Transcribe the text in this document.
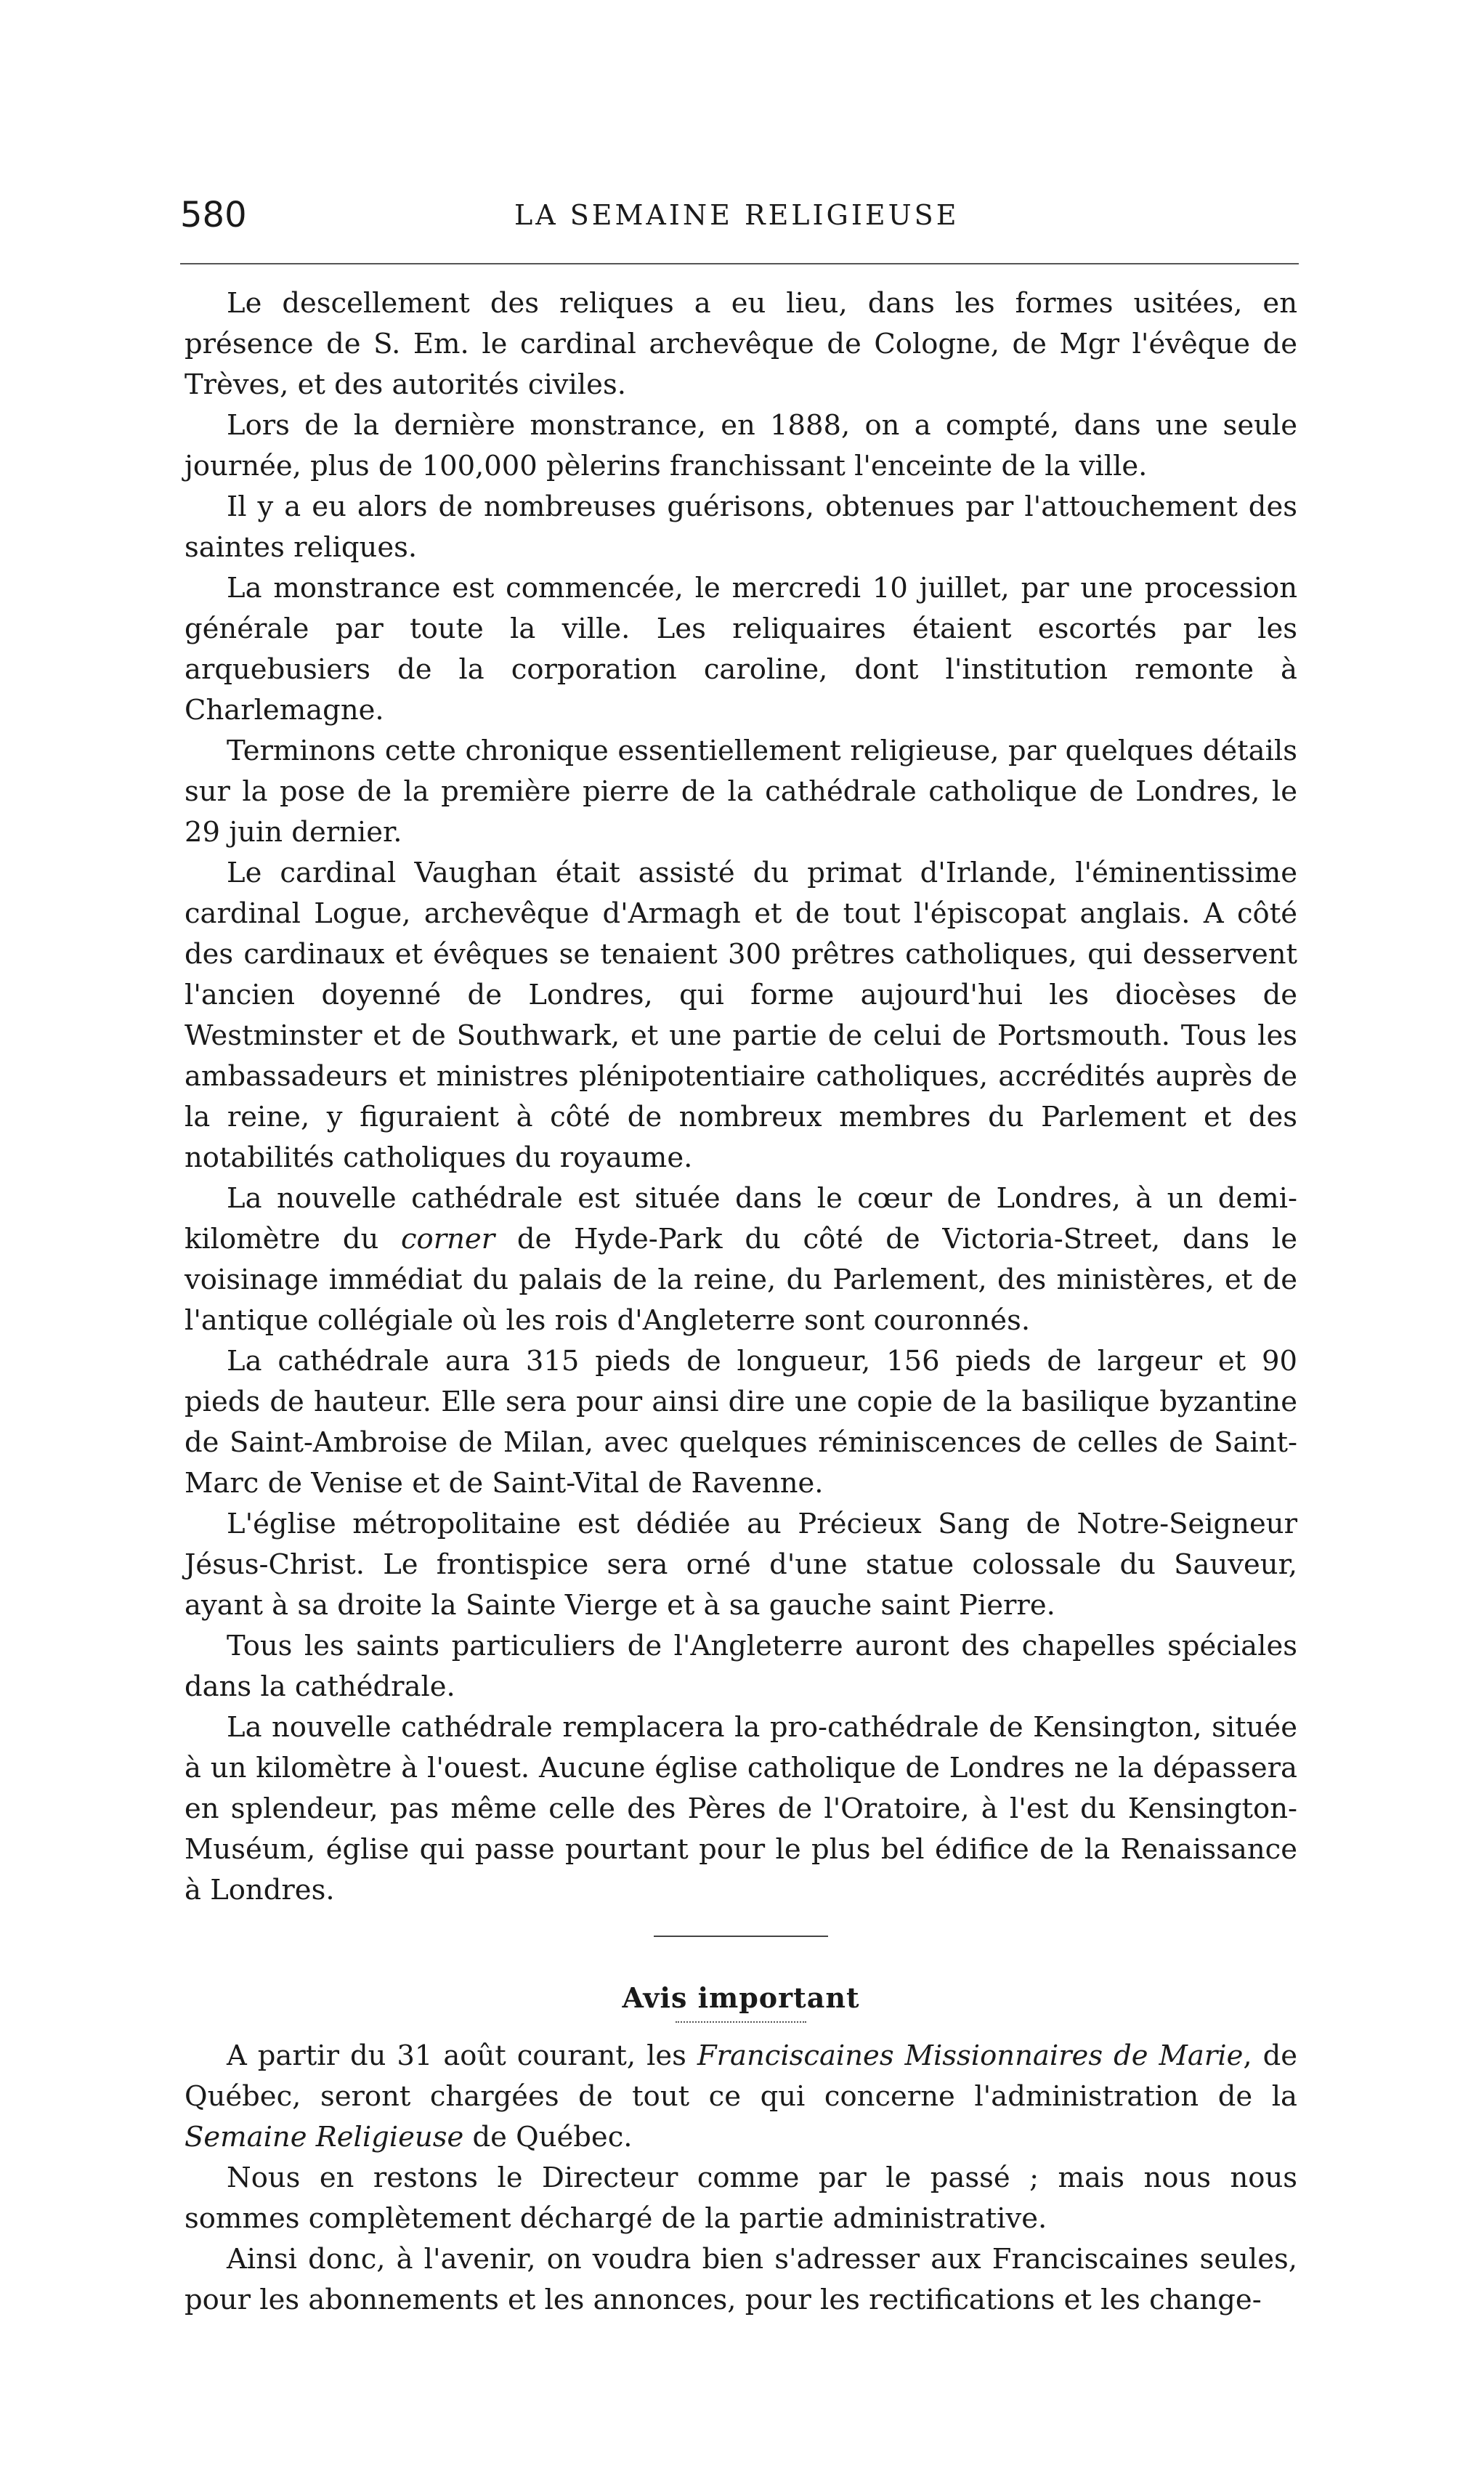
580	LA SEMAINE RELIGIEUSE

Le descellement des reliques a eu lieu, dans les formes usitées, en présence de S. Em. le cardinal archevêque de Cologne, de Mgr l'évêque de Trèves, et des autorités civiles.

Lors de la dernière monstrance, en 1888, on a compté, dans une seule journée, plus de 100,000 pèlerins franchissant l'enceinte de la ville.

Il y a eu alors de nombreuses guérisons, obtenues par l'attouchement des saintes reliques.

La monstrance est commencée, le mercredi 10 juillet, par une procession générale par toute la ville. Les reliquaires étaient escortés par les arquebusiers de la corporation caroline, dont l'institution remonte à Charlemagne.

Terminons cette chronique essentiellement religieuse, par quelques détails sur la pose de la première pierre de la cathédrale catholique de Londres, le 29 juin dernier.

Le cardinal Vaughan était assisté du primat d'Irlande, l'éminentissime cardinal Logue, archevêque d'Armagh et de tout l'épiscopat anglais. A côté des cardinaux et évêques se tenaient 300 prêtres catholiques, qui desservent l'ancien doyenné de Londres, qui forme aujourd'hui les diocèses de Westminster et de Southwark, et une partie de celui de Portsmouth. Tous les ambassadeurs et ministres plénipotentiaire catholiques, accrédités auprès de la reine, y figuraient à côté de nombreux membres du Parlement et des notabilités catholiques du royaume.

La nouvelle cathédrale est située dans le cœur de Londres, à un demi-kilomètre du corner de Hyde-Park du côté de Victoria-Street, dans le voisinage immédiat du palais de la reine, du Parlement, des ministères, et de l'antique collégiale où les rois d'Angleterre sont couronnés.

La cathédrale aura 315 pieds de longueur, 156 pieds de largeur et 90 pieds de hauteur. Elle sera pour ainsi dire une copie de la basilique byzantine de Saint-Ambroise de Milan, avec quelques réminiscences de celles de Saint-Marc de Venise et de Saint-Vital de Ravenne.

L'église métropolitaine est dédiée au Précieux Sang de Notre-Seigneur Jésus-Christ. Le frontispice sera orné d'une statue colossale du Sauveur, ayant à sa droite la Sainte Vierge et à sa gauche saint Pierre.

Tous les saints particuliers de l'Angleterre auront des chapelles spéciales dans la cathédrale.

La nouvelle cathédrale remplacera la pro-cathédrale de Kensington, située à un kilomètre à l'ouest. Aucune église catholique de Londres ne la dépassera en splendeur, pas même celle des Pères de l'Oratoire, à l'est du Kensington-Muséum, église qui passe pourtant pour le plus bel édifice de la Renaissance à Londres.

Avis important

A partir du 31 août courant, les Franciscaines Missionnaires de Marie, de Québec, seront chargées de tout ce qui concerne l'administration de la Semaine Religieuse de Québec.

Nous en restons le Directeur comme par le passé ; mais nous nous sommes complètement déchargé de la partie administrative.

Ainsi donc, à l'avenir, on voudra bien s'adresser aux Franciscaines seules, pour les abonnements et les annonces, pour les rectifications et les change-
